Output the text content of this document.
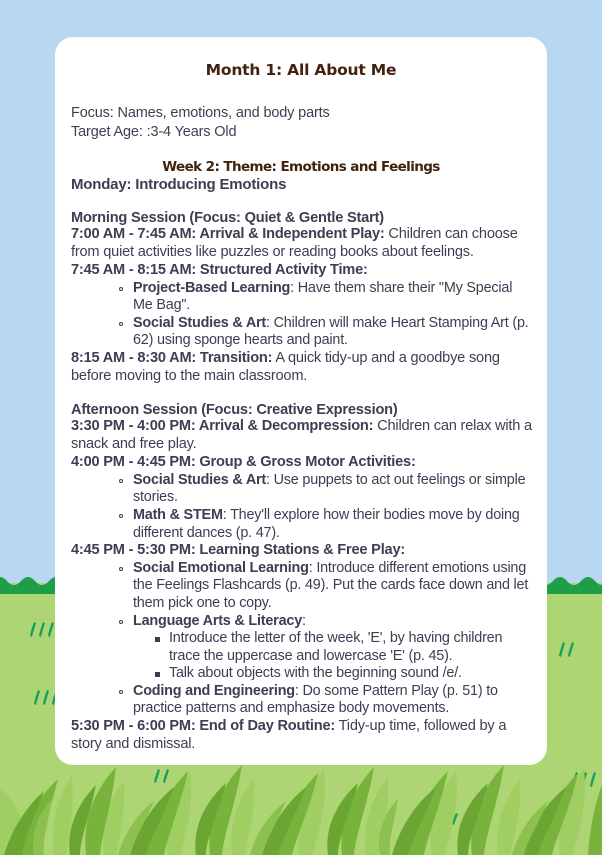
Month 1: All About Me

Focus: Names, emotions, and body parts

Target Age: :3-4 Years Old

Week 2: Theme: Emotions and Feelings
Monday: Introducing Emotions
Morning Session (Focus: Quiet & Gentle Start)

7:00 AM - 7:45 AM: Arrival & Independent Play: Children can choose from quiet activities like puzzles or reading books about feelings.

7:45 AM - 8:15 AM: Structured Activity Time:

Project-Based Learning: Have them share their "My Special Me Bag".
Social Studies & Art: Children will make Heart Stamping Art (p. 62) using sponge hearts and paint.

8:15 AM - 8:30 AM: Transition: A quick tidy-up and a goodbye song before moving to the main classroom.

Afternoon Session (Focus: Creative Expression)

3:30 PM - 4:00 PM: Arrival & Decompression: Children can relax with a snack and free play.

4:00 PM - 4:45 PM: Group & Gross Motor Activities:

Social Studies & Art: Use puppets to act out feelings or simple stories.
Math & STEM: They'll explore how their bodies move by doing different dances (p. 47).

4:45 PM - 5:30 PM: Learning Stations & Free Play:

Social Emotional Learning: Introduce different emotions using the Feelings Flashcards (p. 49). Put the cards face down and let them pick one to copy.
Language Arts & Literacy:
Introduce the letter of the week, 'E', by having children trace the uppercase and lowercase 'E' (p. 45).
Talk about objects with the beginning sound /e/.
Coding and Engineering: Do some Pattern Play (p. 51) to practice patterns and emphasize body movements.

5:30 PM - 6:00 PM: End of Day Routine: Tidy-up time, followed by a story and dismissal.
